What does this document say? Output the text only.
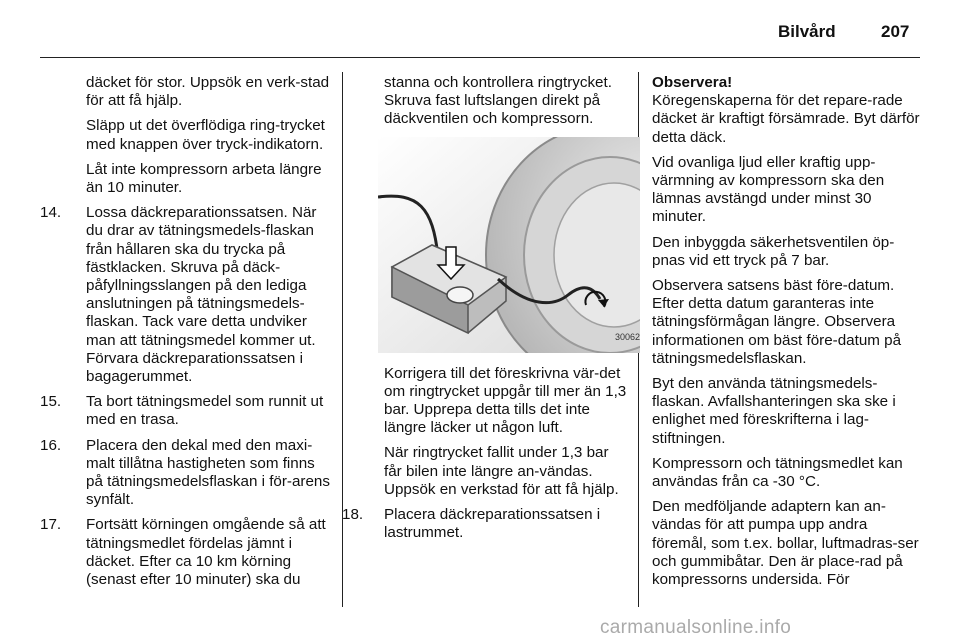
Bilvård	207

däcket för stor. Uppsök en verk-stad för att få hjälp.

Släpp ut det överflödiga ring-trycket med knappen över tryck-indikatorn.

Låt inte kompressorn arbeta längre än 10 minuter.

14. Lossa däckreparationssatsen. När du drar av tätningsmedels-flaskan från hållaren ska du trycka på fästklacken. Skruva på däck-påfyllningsslangen på den lediga anslutningen på tätningsmedels-flaskan. Tack vare detta undviker man att tätningsmedel kommer ut. Förvara däckreparationssatsen i bagagerummet.
15. Ta bort tätningsmedel som runnit ut med en trasa.
16. Placera den dekal med den maxi-malt tillåtna hastigheten som finns på tätningsmedelsflaskan i för-arens synfält.
17. Fortsätt körningen omgående så att tätningsmedlet fördelas jämnt i däcket. Efter ca 10 km körning (senast efter 10 minuter) ska du

stanna och kontrollera ringtrycket. Skruva fast luftslangen direkt på däckventilen och kompressorn.

30062

Korrigera till det föreskrivna vär-det om ringtrycket uppgår till mer än 1,3 bar. Upprepa detta tills det inte längre läcker ut någon luft.

När ringtrycket fallit under 1,3 bar får bilen inte längre an-vändas. Uppsök en verkstad för att få hjälp.

18. Placera däckreparationssatsen i lastrummet.

Observera!

Köregenskaperna för det repare-rade däcket är kraftigt försämrade. Byt därför detta däck.

Vid ovanliga ljud eller kraftig upp-värmning av kompressorn ska den lämnas avstängd under minst 30 minuter.

Den inbyggda säkerhetsventilen öp-pnas vid ett tryck på 7 bar.

Observera satsens bäst före-datum. Efter detta datum garanteras inte tätningsförmågan längre. Observera informationen om bäst före-datum på tätningsmedelsflaskan.

Byt den använda tätningsmedels-flaskan. Avfallshanteringen ska ske i enlighet med föreskrifterna i lag-stiftningen.

Kompressorn och tätningsmedlet kan användas från ca -30 °C.

Den medföljande adaptern kan an-vändas för att pumpa upp andra föremål, som t.ex. bollar, luftmadras-ser och gummibåtar. Den är place-rad på kompressorns undersida. För

carmanualsonline.info
